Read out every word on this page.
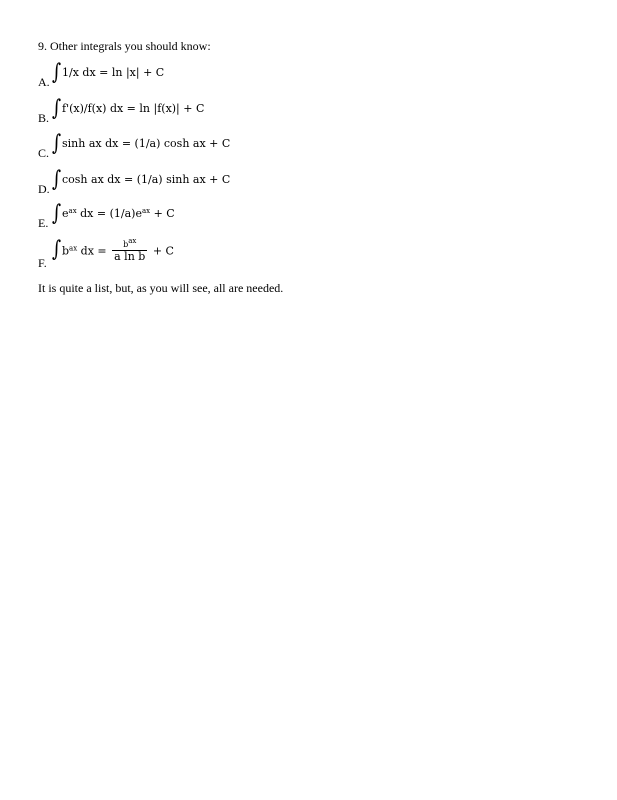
9. Other integrals you should know:
A. ∫ 1/x dx = ln |x| + C
B. ∫ f'(x)/f(x) dx = ln |f(x)| + C
C. ∫ sinh ax dx = (1/a) cosh ax + C
D. ∫ cosh ax dx = (1/a) sinh ax + C
E. ∫ $e^{ax}$ dx = $(1/a)e^{ax} + C$
F.
∫ $b^{ax}$ dx = $\frac{b^{ax}}{\text{a ln b}} + C$
It is quite a list, but, as you will see, all are needed.
